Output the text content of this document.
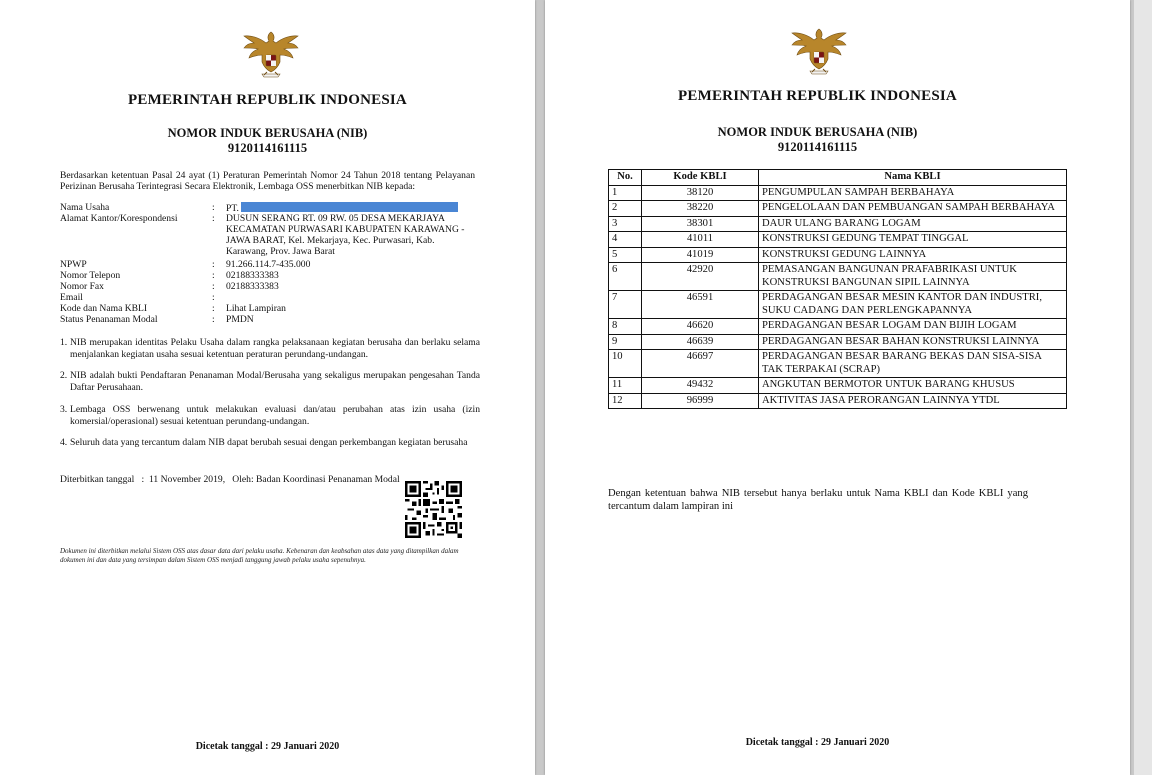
PEMERINTAH REPUBLIK INDONESIA
NOMOR INDUK BERUSAHA (NIB)
9120114161115
Berdasarkan ketentuan Pasal 24 ayat (1) Peraturan Pemerintah Nomor 24 Tahun 2018 tentang Pelayanan Perizinan Berusaha Terintegrasi Secara Elektronik, Lembaga OSS menerbitkan NIB kepada:
Nama Usaha	: PT.
Alamat Kantor/Korespondensi	: DUSUN SERANG RT. 09 RW. 05 DESA MEKARJAYA KECAMATAN PURWASARI KABUPATEN KARAWANG - JAWA BARAT, Kel. Mekarjaya, Kec. Purwasari, Kab. Karawang, Prov. Jawa Barat
NPWP	: 91.266.114.7-435.000
Nomor Telepon	: 02188333383
Nomor Fax	: 02188333383
Email	:
Kode dan Nama KBLI	: Lihat Lampiran
Status Penanaman Modal	: PMDN
1. NIB merupakan identitas Pelaku Usaha dalam rangka pelaksanaan kegiatan berusaha dan berlaku selama menjalankan kegiatan usaha sesuai ketentuan peraturan perundang-undangan.
2. NIB adalah bukti Pendaftaran Penanaman Modal/Berusaha yang sekaligus merupakan pengesahan Tanda Daftar Perusahaan.
3. Lembaga OSS berwenang untuk melakukan evaluasi dan/atau perubahan atas izin usaha (izin komersial/operasional) sesuai ketentuan perundang-undangan.
4. Seluruh data yang tercantum dalam NIB dapat berubah sesuai dengan perkembangan kegiatan berusaha
Diterbitkan tanggal   :  11 November 2019,   Oleh: Badan Koordinasi Penanaman Modal
Dokumen ini diterbitkan melalui Sistem OSS atas dasar data dari pelaku usaha. Kebenaran dan keabsahan atas data yang ditampilkan dalam dokumen ini dan data yang tersimpan dalam Sistem OSS menjadi tanggung jawab pelaku usaha sepenuhnya.
Dicetak tanggal : 29 Januari 2020
PEMERINTAH REPUBLIK INDONESIA
NOMOR INDUK BERUSAHA (NIB)
9120114161115
No.	Kode KBLI	Nama KBLI
1	38120	PENGUMPULAN SAMPAH BERBAHAYA
2	38220	PENGELOLAAN DAN PEMBUANGAN SAMPAH BERBAHAYA
3	38301	DAUR ULANG BARANG LOGAM
4	41011	KONSTRUKSI GEDUNG TEMPAT TINGGAL
5	41019	KONSTRUKSI GEDUNG LAINNYA
6	42920	PEMASANGAN BANGUNAN PRAFABRIKASI UNTUK KONSTRUKSI BANGUNAN SIPIL LAINNYA
7	46591	PERDAGANGAN BESAR MESIN KANTOR DAN INDUSTRI, SUKU CADANG DAN PERLENGKAPANNYA
8	46620	PERDAGANGAN BESAR LOGAM DAN BIJIH LOGAM
9	46639	PERDAGANGAN BESAR BAHAN KONSTRUKSI LAINNYA
10	46697	PERDAGANGAN BESAR BARANG BEKAS DAN SISA-SISA TAK TERPAKAI (SCRAP)
11	49432	ANGKUTAN BERMOTOR UNTUK BARANG KHUSUS
12	96999	AKTIVITAS JASA PERORANGAN LAINNYA YTDL
Dengan ketentuan bahwa NIB tersebut hanya berlaku untuk Nama KBLI dan Kode KBLI yang tercantum dalam lampiran ini
Dicetak tanggal : 29 Januari 2020
